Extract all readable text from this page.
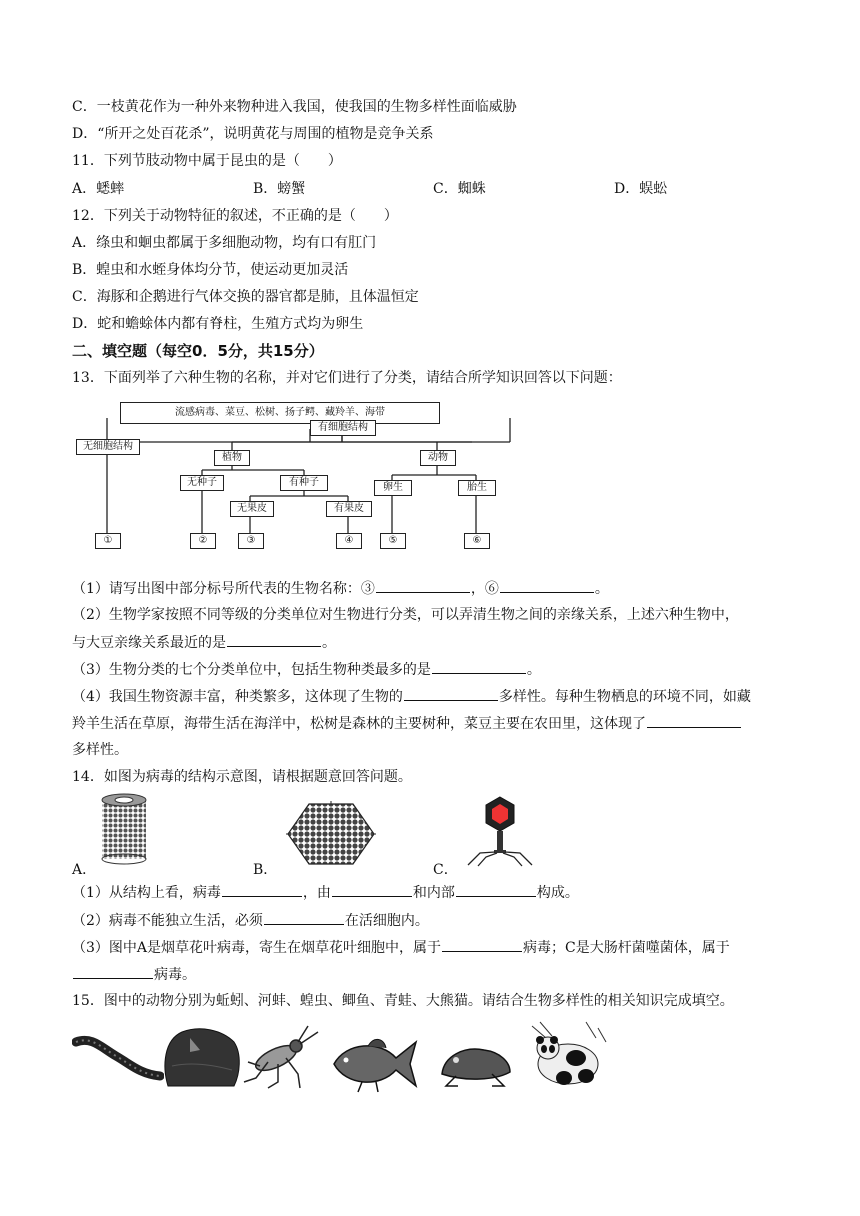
C．一枝黄花作为一种外来物种进入我国，使我国的生物多样性面临威胁
D．“所开之处百花杀”，说明黄花与周围的植物是竞争关系
11．下列节肢动物中属于昆虫的是（　　）
A．蟋蟀	B．螃蟹	C．蜘蛛	D．蜈蚣
12．下列关于动物特征的叙述，不正确的是（　　）
A．绦虫和蛔虫都属于多细胞动物，均有口有肛门
B．蝗虫和水蛭身体均分节，使运动更加灵活
C．海豚和企鹅进行气体交换的器官都是肺，且体温恒定
D．蛇和蟾蜍体内都有脊柱，生殖方式均为卵生
二、填空题（每空0．5分，共15分）
13．下面列举了六种生物的名称，并对它们进行了分类，请结合所学知识回答以下问题：
流感病毒、菜豆、松树、扬子鳄、藏羚羊、海带
无细胞结构
有细胞结构
植物	动物
无种子	有种子
无果皮	有果皮
卵生	胎生
①	②	③	④	⑤	⑥
（1）请写出图中部分标号所代表的生物名称：③	，⑥	。
（2）生物学家按照不同等级的分类单位对生物进行分类，可以弄清生物之间的亲缘关系，上述六种生物中，
与大豆亲缘关系最近的是	。
（3）生物分类的七个分类单位中，包括生物种类最多的是	。
（4）我国生物资源丰富，种类繁多，这体现了生物的	多样性。每种生物栖息的环境不同，如藏
羚羊生活在草原，海带生活在海洋中，松树是森林的主要树种，菜豆主要在农田里，这体现了
多样性。
14．如图为病毒的结构示意图，请根据题意回答问题。
A．	B．	C．
（1）从结构上看，病毒	，由	和内部	构成。
（2）病毒不能独立生活，必须	在活细胞内。
（3）图中A是烟草花叶病毒，寄生在烟草花叶细胞中，属于	病毒；C是大肠杆菌噬菌体，属于
病毒。
15．图中的动物分别为蚯蚓、河蚌、蝗虫、鲫鱼、青蛙、大熊猫。请结合生物多样性的相关知识完成填空。
